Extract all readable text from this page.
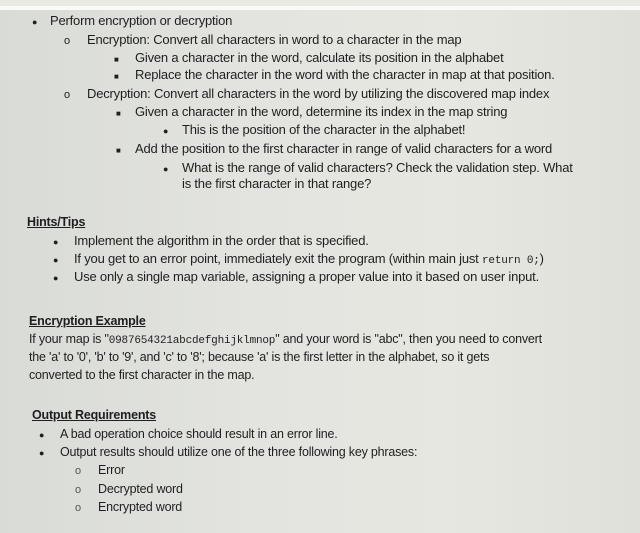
●
Perform encryption or decryption
o
Encryption: Convert all characters in word to a character in the map
■
Given a character in the word, calculate its position in the alphabet
■
Replace the character in the word with the character in map at that position.
o
Decryption: Convert all characters in the word by utilizing the discovered map index
■
Given a character in the word, determine its index in the map string
●
This is the position of the character in the alphabet!
■
Add the position to the first character in range of valid characters for a word
●
What is the range of valid characters? Check the validation step. What
is the first character in that range?
Hints/Tips
●
Implement the algorithm in the order that is specified.
●
If you get to an error point, immediately exit the program (within main just return 0;)
●
Use only a single map variable, assigning a proper value into it based on user input.
Encryption Example
If your map is "0987654321abcdefghijklmnop" and your word is "abc", then you need to convert
the 'a' to '0', 'b' to '9', and 'c' to '8'; because 'a' is the first letter in the alphabet, so it gets
converted to the first character in the map.
Output Requirements
●
A bad operation choice should result in an error line.
●
Output results should utilize one of the three following key phrases:
o
Error
o
Decrypted word
o
Encrypted word
